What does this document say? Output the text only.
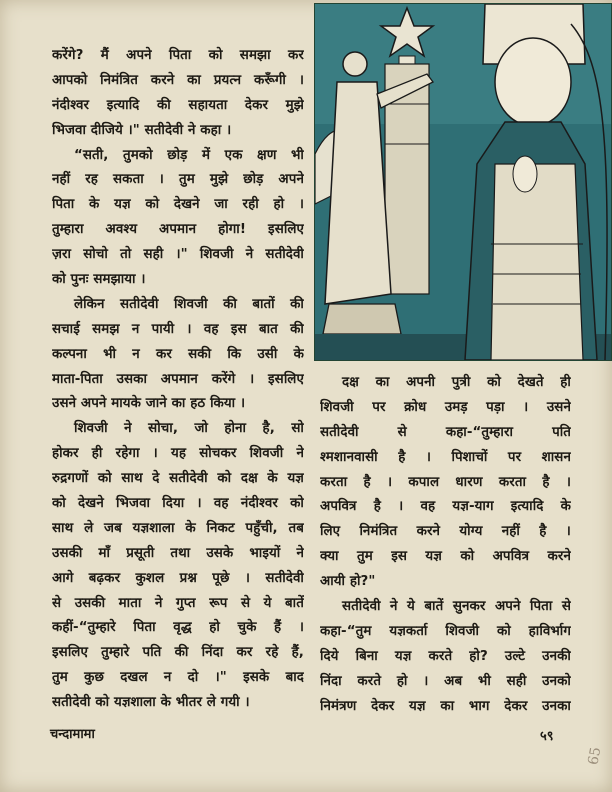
करेंगे? मैं अपने पिता को समझा कर
आपको निमंत्रित करने का प्रयत्न करूँगी ।
नंदीश्वर इत्यादि की सहायता देकर मुझे
भिजवा दीजिये ।" सतीदेवी ने कहा ।
“सती, तुमको छोड़ में एक क्षण भी
नहीं रह सकता । तुम मुझे छोड़ अपने
पिता के यज्ञ को देखने जा रही हो ।
तुम्हारा अवश्य अपमान होगा! इसलिए
ज़रा सोचो तो सही ।" शिवजी ने सतीदेवी
को पुनः समझाया ।
लेकिन सतीदेवी शिवजी की बातों की
सचाई समझ न पायी । वह इस बात की
कल्पना भी न कर सकी कि उसी के
माता-पिता उसका अपमान करेंगे । इसलिए
उसने अपने मायके जाने का हठ किया ।
शिवजी ने सोचा, जो होना है, सो
होकर ही रहेगा । यह सोचकर शिवजी ने
रुद्रगणों को साथ दे सतीदेवी को दक्ष के यज्ञ
को देखने भिजवा दिया । वह नंदीश्वर को
साथ ले जब यज्ञशाला के निकट पहुँची, तब
उसकी माँ प्रसूती तथा उसके भाइयों ने
आगे बढ़कर कुशल प्रश्न पूछे । सतीदेवी
से उसकी माता ने गुप्त रूप से ये बातें
कहीं-“तुम्हारे पिता वृद्ध हो चुके हैं ।
इसलिए तुम्हारे पति की निंदा कर रहे हैं,
तुम कुछ दखल न दो ।" इसके बाद
सतीदेवी को यज्ञशाला के भीतर ले गयी ।
दक्ष का अपनी पुत्री को देखते ही
शिवजी पर क्रोध उमड़ पड़ा । उसने
सतीदेवी से कहा-“तुम्हारा पति
श्मशानवासी है । पिशाचों पर शासन
करता है । कपाल धारण करता है ।
अपवित्र है । वह यज्ञ-याग इत्यादि के
लिए निमंत्रित करने योग्य नहीं है ।
क्या तुम इस यज्ञ को अपवित्र करने
आयी हो?"
सतीदेवी ने ये बातें सुनकर अपने पिता से
कहा-“तुम यज्ञकर्ता शिवजी को हाविर्भाग
दिये बिना यज्ञ करते हो? उल्टे उनकी
निंदा करते हो । अब भी सही उनको
निमंत्रण देकर यज्ञ का भाग देकर उनका
चन्दामामा	५९
65
